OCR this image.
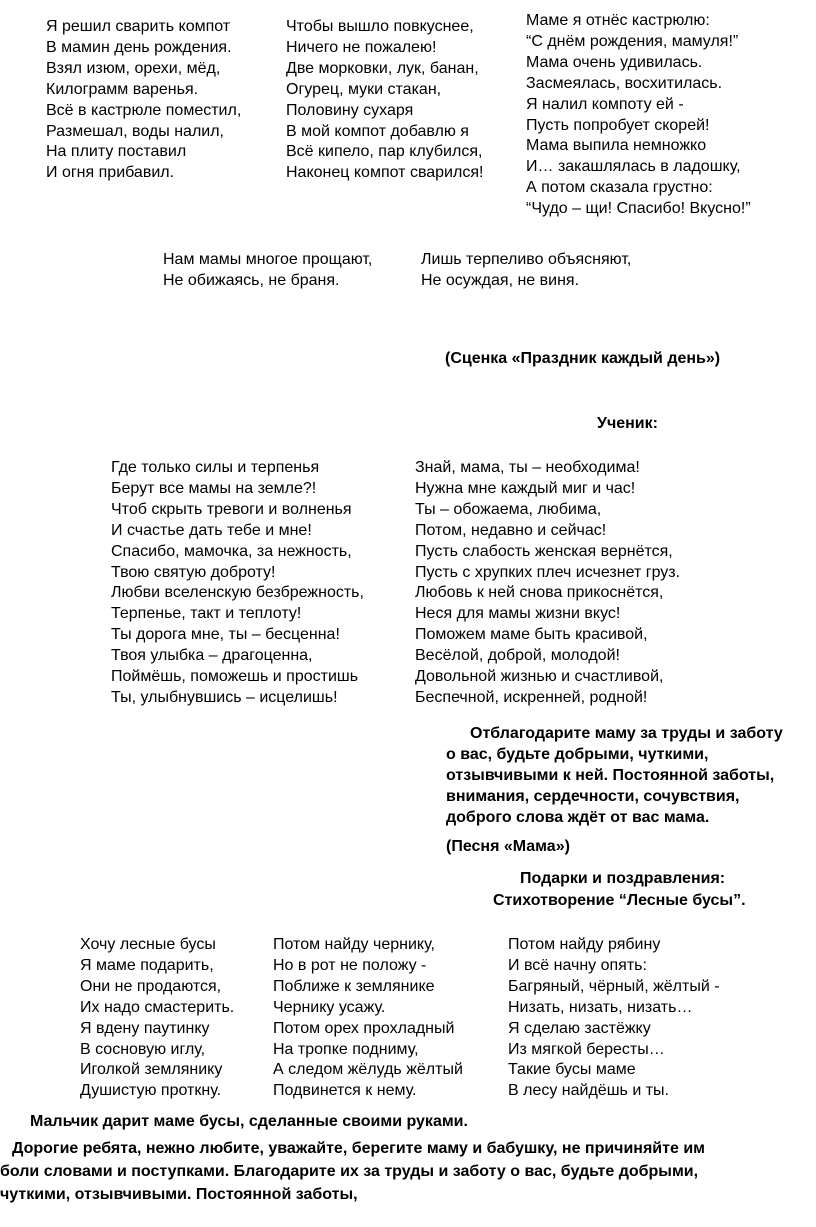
Я решил сварить компот
В мамин день рождения.
Взял изюм, орехи, мёд,
Килограмм варенья.
Всё в кастрюле поместил,
Размешал, воды налил,
На плиту поставил
И огня прибавил.
Чтобы вышло повкуснее,
Ничего не пожалею!
Две морковки, лук, банан,
Огурец, муки стакан,
Половину сухаря
В мой компот добавлю я
Всё кипело, пар клубился,
Наконец компот сварился!
Маме я отнёс кастрюлю:
“С днём рождения, мамуля!”
Мама очень удивилась.
Засмеялась, восхитилась.
Я налил компоту ей -
Пусть попробует скорей!
Мама выпила немножко
И… закашлялась в ладошку,
А потом сказала грустно:
“Чудо – щи! Спасибо! Вкусно!”
Нам мамы многое прощают,
Не обижаясь, не браня.
Лишь терпеливо объясняют,
Не осуждая, не виня.
(Сценка «Праздник каждый день»)
Ученик:
Где только силы и терпенья
Берут все мамы на земле?!
Чтоб скрыть тревоги и волненья
И счастье дать тебе и мне!
Спасибо, мамочка, за нежность,
Твою святую доброту!
Любви вселенскую безбрежность,
Терпенье, такт и теплоту!
Ты дорога мне, ты – бесценна!
Твоя улыбка – драгоценна,
Поймёшь, поможешь и простишь
Ты, улыбнувшись – исцелишь!
Знай, мама, ты – необходима!
Нужна мне каждый миг и час!
Ты – обожаема, любима,
Потом, недавно и сейчас!
Пусть слабость женская вернётся,
Пусть с хрупких плеч исчезнет груз.
Любовь к ней снова прикоснётся,
Неся для мамы жизни вкус!
Поможем маме быть красивой,
Весёлой, доброй, молодой!
Довольной жизнью и счастливой,
Беспечной, искренней, родной!
Отблагодарите маму за труды и заботу
о вас, будьте добрыми, чуткими,
отзывчивыми к ней. Постоянной заботы,
внимания, сердечности, сочувствия,
доброго слова ждёт от вас мама.
(Песня «Мама»)
Подарки и поздравления:
Стихотворение “Лесные бусы”.
Хочу лесные бусы
Я маме подарить,
Они не продаются,
Их надо смастерить.
Я вдену паутинку
В сосновую иглу,
Иголкой землянику
Душистую проткну.
Потом найду чернику,
Но в рот не положу -
Поближе к землянике
Чернику усажу.
Потом орех прохладный
На тропке подниму,
А следом жёлудь жёлтый
Подвинется к нему.
Потом найду рябину
И всё начну опять:
Багряный, чёрный, жёлтый -
Низать, низать, низать…
Я сделаю застёжку
Из мягкой бересты…
Такие бусы маме
В лесу найдёшь и ты.
Мальчик дарит маме бусы, сделанные своими руками.
Дорогие ребята, нежно любите, уважайте, берегите маму и бабушку, не причиняйте им
боли словами и поступками. Благодарите их за труды и заботу о вас, будьте добрыми,
чуткими, отзывчивыми. Постоянной заботы,
